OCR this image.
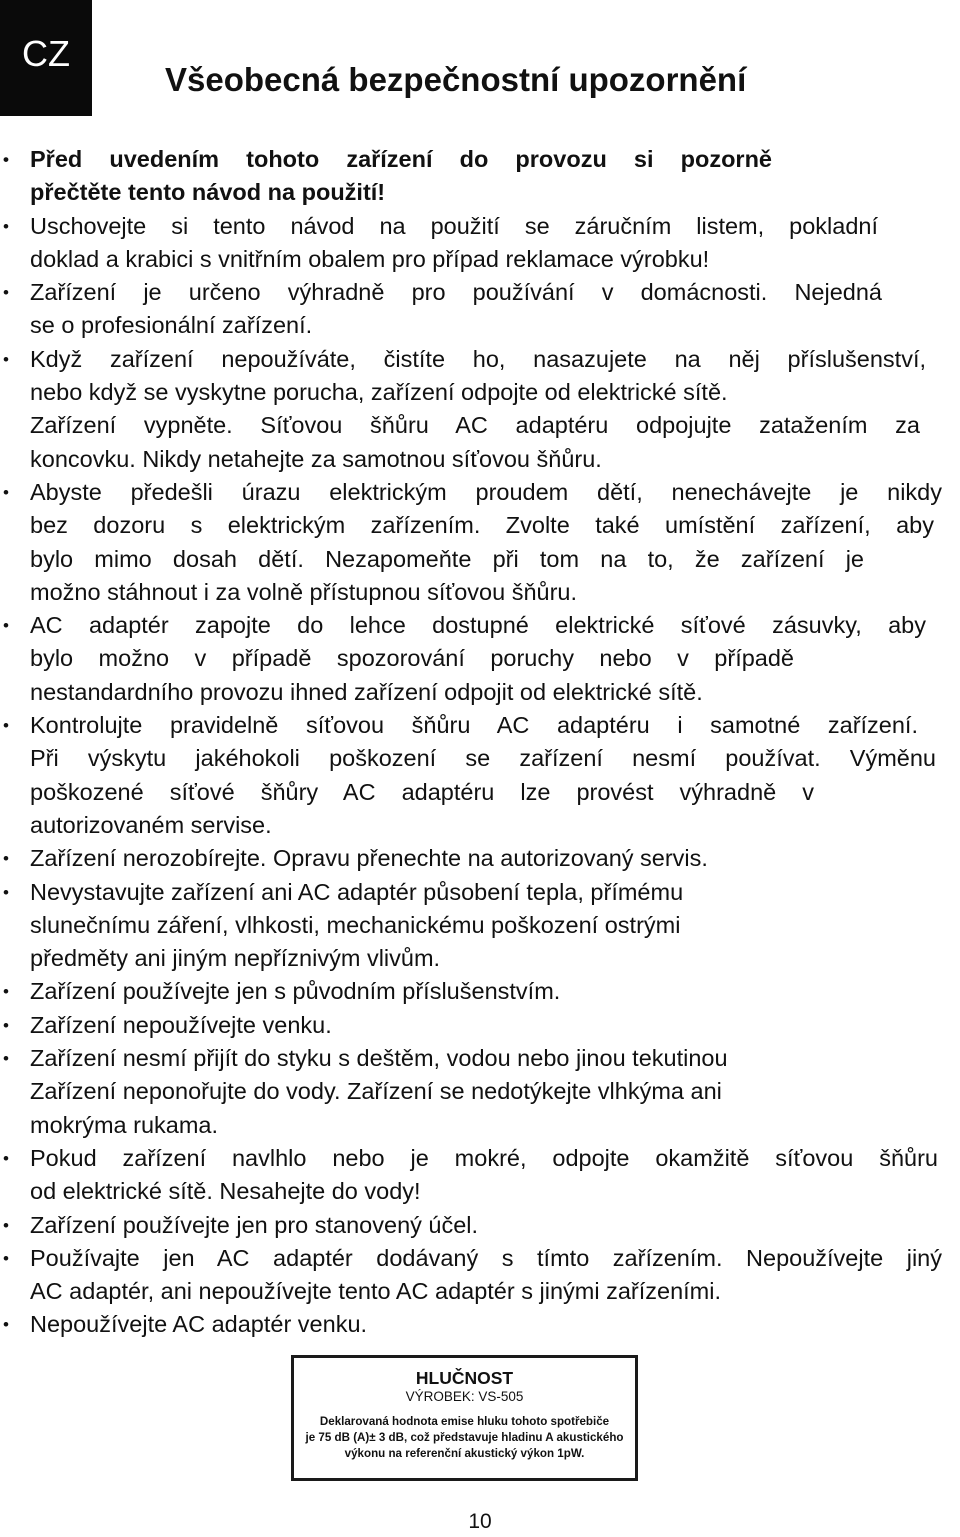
CZ
Všeobecná bezpečnostní upozornění
• Před uvedením tohoto zařízení do provozu si pozorně
přečtěte tento návod na použití!
• Uschovejte si tento návod na použití se záručním listem, pokladní
doklad a krabici s vnitřním obalem pro případ reklamace výrobku!
• Zařízení je určeno výhradně pro používání v domácnosti. Nejedná
se o profesionální zařízení.
• Když zařízení nepoužíváte, čistíte ho, nasazujete na něj příslušenství,
nebo když se vyskytne porucha, zařízení odpojte od elektrické sítě.
Zařízení vypněte. Síťovou šňůru AC adaptéru odpojujte zatažením za
koncovku. Nikdy netahejte za samotnou síťovou šňůru.
• Abyste předešli úrazu elektrickým proudem dětí, nenechávejte je nikdy
bez dozoru s elektrickým zařízením. Zvolte také umístění zařízení, aby
bylo mimo dosah dětí. Nezapomeňte při tom na to, že zařízení je
možno stáhnout i za volně přístupnou síťovou šňůru.
• AC adaptér zapojte do lehce dostupné elektrické síťové zásuvky, aby
bylo možno v případě spozorování poruchy nebo v případě
nestandardního provozu ihned zařízení odpojit od elektrické sítě.
• Kontrolujte pravidelně síťovou šňůru AC adaptéru i samotné zařízení.
Při výskytu jakéhokoli poškození se zařízení nesmí používat. Výměnu
poškozené síťové šňůry AC adaptéru lze provést výhradně v
autorizovaném servise.
• Zařízení nerozobírejte. Opravu přenechte na autorizovaný servis.
• Nevystavujte zařízení ani AC adaptér působení tepla, přímému
slunečnímu záření, vlhkosti, mechanickému poškození ostrými
předměty ani jiným nepříznivým vlivům.
• Zařízení používejte jen s původním příslušenstvím.
• Zařízení nepoužívejte venku.
• Zařízení nesmí přijít do styku s deštěm, vodou nebo jinou tekutinou
Zařízení neponořujte do vody. Zařízení se nedotýkejte vlhkýma ani
mokrýma rukama.
• Pokud zařízení navlhlo nebo je mokré, odpojte okamžitě síťovou šňůru
od elektrické sítě. Nesahejte do vody!
• Zařízení používejte jen pro stanovený účel.
• Používajte jen AC adaptér dodávaný s tímto zařízením. Nepoužívejte jiný
AC adaptér, ani nepoužívejte tento AC adaptér s jinými zařízeními.
• Nepoužívejte AC adaptér venku.
HLUČNOST
VÝROBEK: VS-505
Deklarovaná hodnota emise hluku tohoto spotřebiče
je 75 dB (A)± 3 dB, což představuje hladinu A akustického
výkonu na referenční akustický výkon 1pW.
10
